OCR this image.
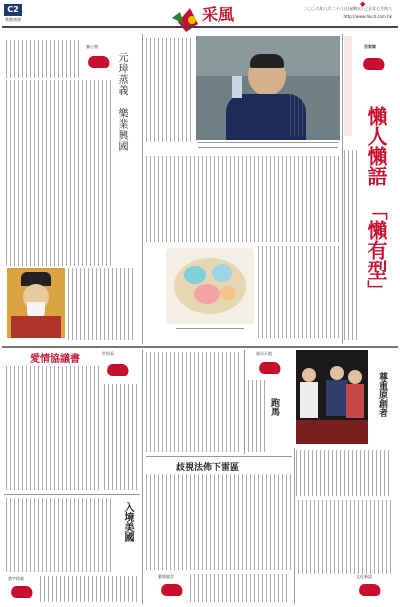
C2
香港商報	采風	二〇〇九年八月二十八日(星期五) 己丑年七月初八
http://www.hkcd.com.hk
◆
養心齋
元璋蒸義 樂業興國
百家談
懶人懶語
「懶有型」
愛情協議書
世情看	風采天地
跑馬	尊重原創者
歧視法佈下雷區
藝壇風雲	文化新語
入境美國
寰宇探索
